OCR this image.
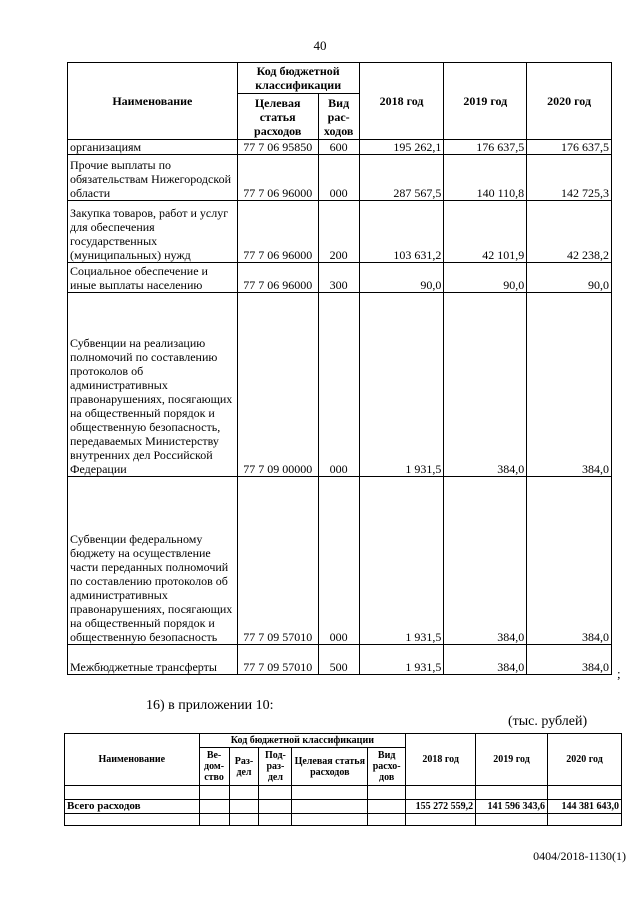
40
Наименование	Код бюджетной классификации		2018 год	2019 год	2020 год
	Целевая статья расходов	Вид рас-ходов			
организациям	77 7 06 95850	600	195 262,1	176 637,5	176 637,5
Прочие выплаты по обязательствам Нижегородской области	77 7 06 96000	000	287 567,5	140 110,8	142 725,3
Закупка товаров, работ и услуг для обеспечения государственных (муниципальных) нужд	77 7 06 96000	200	103 631,2	42 101,9	42 238,2
Социальное обеспечение и иные выплаты населению	77 7 06 96000	300	90,0	90,0	90,0
Субвенции на реализацию полномочий по составлению протоколов об административных правонарушениях, посягающих на общественный порядок и общественную безопасность, передаваемых Министерству внутренних дел Российской Федерации	77 7 09 00000	000	1 931,5	384,0	384,0
Субвенции федеральному бюджету на осуществление части переданных полномочий по составлению протоколов об административных правонарушениях, посягающих на общественный порядок и общественную безопасность	77 7 09 57010	000	1 931,5	384,0	384,0
Межбюджетные трансферты	77 7 09 57010	500	1 931,5	384,0	384,0 ;
16) в приложении 10:
(тыс. рублей)
Наименование	Код бюджетной классификации					2018 год	2019 год	2020 год
	Ве-дом-ство	Раз-дел	Под-раз-дел	Целевая статья расходов	Вид расхо-дов			

Всего расходов						155 272 559,2	141 596 343,6	144 381 643,0

0404/2018-1130(1)
